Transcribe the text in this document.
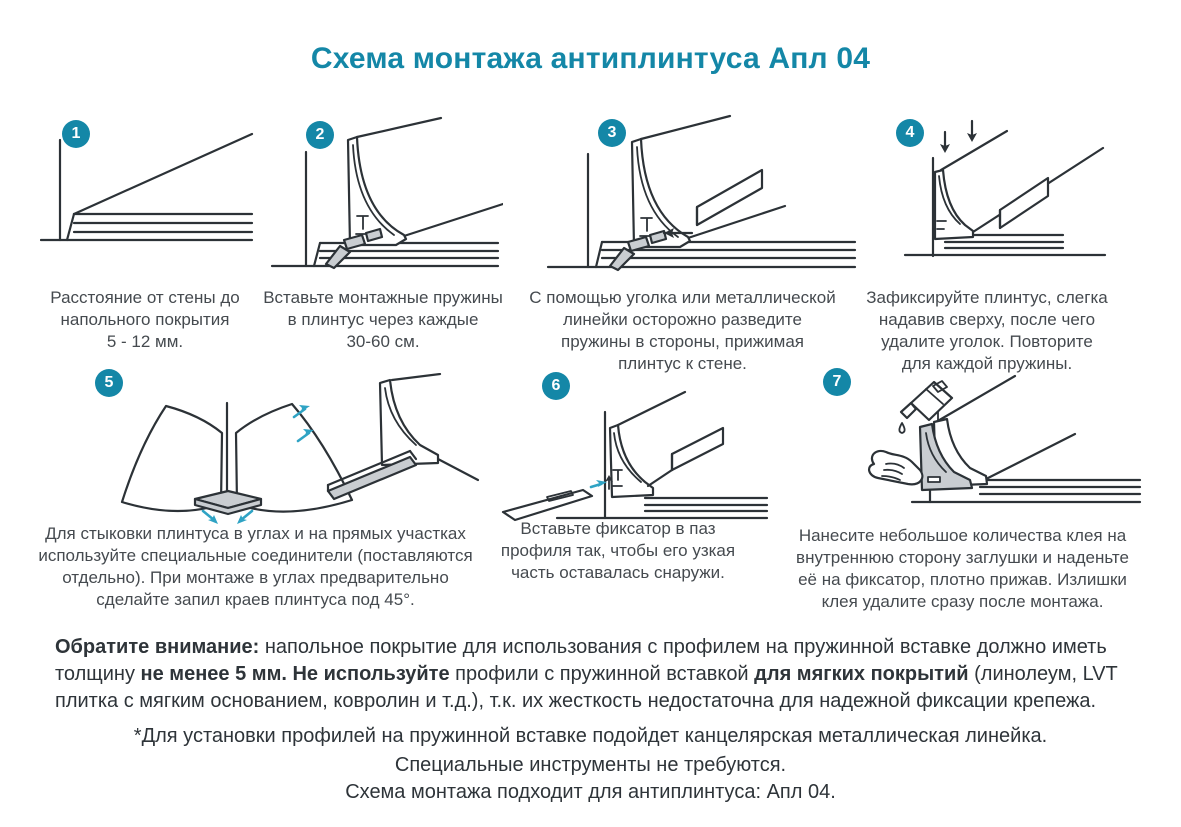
Схема монтажа антиплинтуса Апл 04
1	2	3	4
5	6	7
Расстояние от стены до
напольного покрытия
5 - 12 мм.
Вставьте монтажные пружины
в плинтус через каждые
30-60 см.
С помощью уголка или металлической
линейки осторожно разведите
пружины в стороны, прижимая
плинтус к стене.
Зафиксируйте плинтус, слегка
надавив сверху, после чего
удалите уголок. Повторите
для каждой пружины.
Для стыковки плинтуса в углах и на прямых участках
используйте специальные соединители (поставляются
отдельно). При монтаже в углах предварительно
сделайте запил краев плинтуса под 45°.
Вставьте фиксатор в паз
профиля так, чтобы его узкая
часть оставалась снаружи.
Нанесите небольшое количества клея на
внутреннюю сторону заглушки и наденьте
её на фиксатор, плотно прижав. Излишки
клея удалите сразу после монтажа.
Обратите внимание: напольное покрытие для использования с профилем на пружинной вставке должно иметь
толщину не менее 5 мм. Не используйте профили с пружинной вставкой для мягких покрытий (линолеум, LVT
плитка с мягким основанием, ковролин и т.д.), т.к. их жесткость недостаточна для надежной фиксации крепежа.
*Для установки профилей на пружинной вставке подойдет канцелярская металлическая линейка.
Специальные инструменты не требуются.
Схема монтажа подходит для антиплинтуса: Апл 04.
